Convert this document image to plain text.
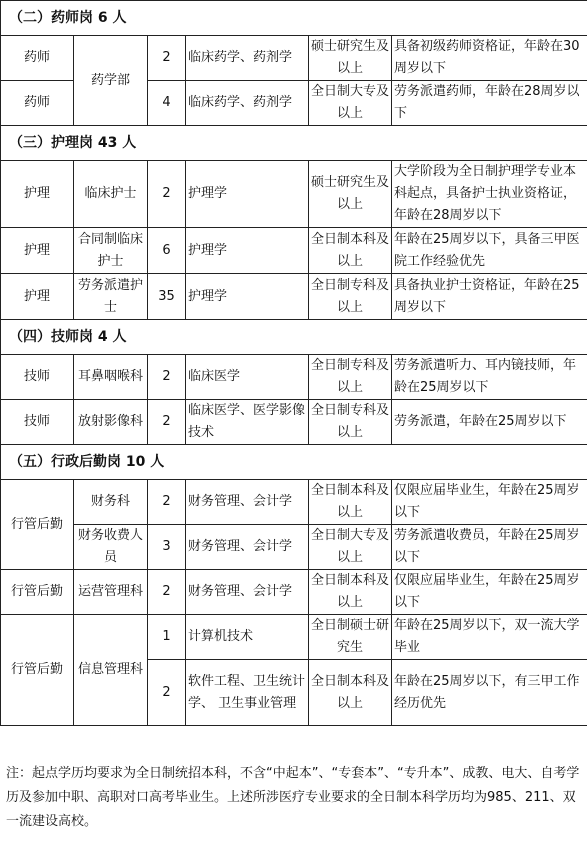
（二）药师岗 6 人					
药师	药学部	2	临床药学、药剂学	硕士研究生及以上	具备初级药师资格证，年龄在30周岁以下
药师		4	临床药学、药剂学	全日制大专及以上	劳务派遣药师，年龄在28周岁以下
（三）护理岗 43 人					
护理	临床护士	2	护理学	硕士研究生及以上	大学阶段为全日制护理学专业本科起点，具备护士执业资格证，年龄在28周岁以下
护理	合同制临床护士	6	护理学	全日制本科及以上	年龄在25周岁以下，具备三甲医院工作经验优先
护理	劳务派遣护士	35	护理学	全日制专科及以上	具备执业护士资格证，年龄在25周岁以下
（四）技师岗 4 人					
技师	耳鼻咽喉科	2	临床医学	全日制专科及以上	劳务派遣听力、耳内镜技师，年龄在25周岁以下
技师	放射影像科	2	临床医学、医学影像技术	全日制专科及以上	劳务派遣，年龄在25周岁以下
（五）行政后勤岗 10 人					
行管后勤	财务科	2	财务管理、会计学	全日制本科及以上	仅限应届毕业生，年龄在25周岁以下
	财务收费人员	3	财务管理、会计学	全日制大专及以上	劳务派遣收费员，年龄在25周岁以下
行管后勤	运营管理科	2	财务管理、会计学	全日制本科及以上	仅限应届毕业生，年龄在25周岁以下
行管后勤	信息管理科	1	计算机技术	全日制硕士研究生	年龄在25周岁以下，双一流大学毕业
		2	软件工程、卫生统计学、 卫生事业管理	全日制本科及以上	年龄在25周岁以下，有三甲工作经历优先
注：起点学历均要求为全日制统招本科，不含“中起本”、“专套本”、“专升本”、成教、电大、自考学历及参加中职、高职对口高考毕业生。上述所涉医疗专业要求的全日制本科学历均为985、211、双一流建设高校。
